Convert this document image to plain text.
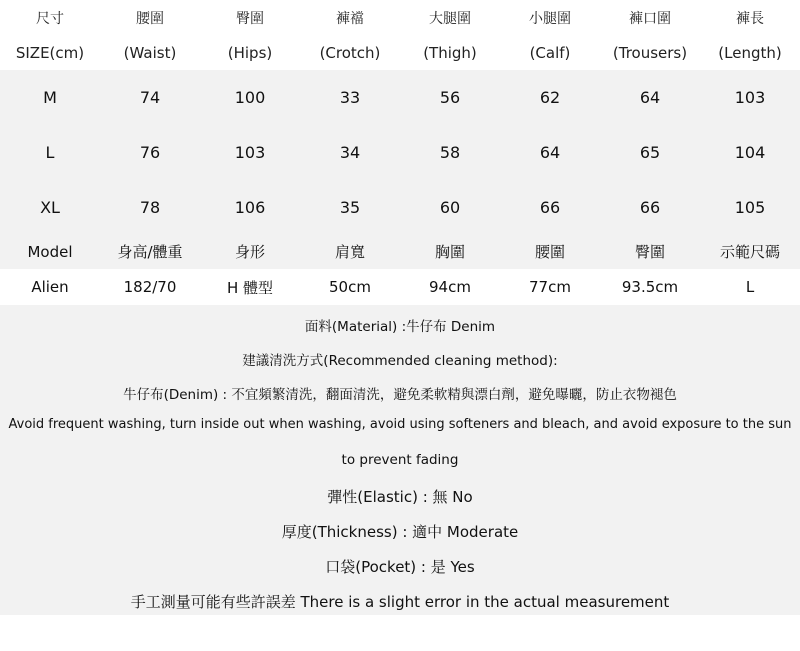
尺寸	腰圍	臀圍	褲襠	大腿圍	小腿圍	褲口圍	褲長
SIZE(cm)	(Waist)	(Hips)	(Crotch)	(Thigh)	(Calf)	(Trousers)	(Length)
M	74	100	33	56	62	64	103
L	76	103	34	58	64	65	104
XL	78	106	35	60	66	66	105
Model	身高/體重	身形	肩寬	胸圍	腰圍	臀圍	示範尺碼
Alien	182/70	H 體型	50cm	94cm	77cm	93.5cm	L
面料(Material) :牛仔布 Denim
建議清洗方式(Recommended cleaning method):
牛仔布(Denim) : 不宜頻繁清洗，翻面清洗，避免柔軟精與漂白劑，避免曝曬，防止衣物褪色
Avoid frequent washing, turn inside out when washing, avoid using softeners and bleach, and avoid exposure to the sun
to prevent fading
彈性(Elastic) : 無 No
厚度(Thickness) : 適中 Moderate
口袋(Pocket) : 是 Yes
手工測量可能有些許誤差 There is a slight error in the actual measurement
